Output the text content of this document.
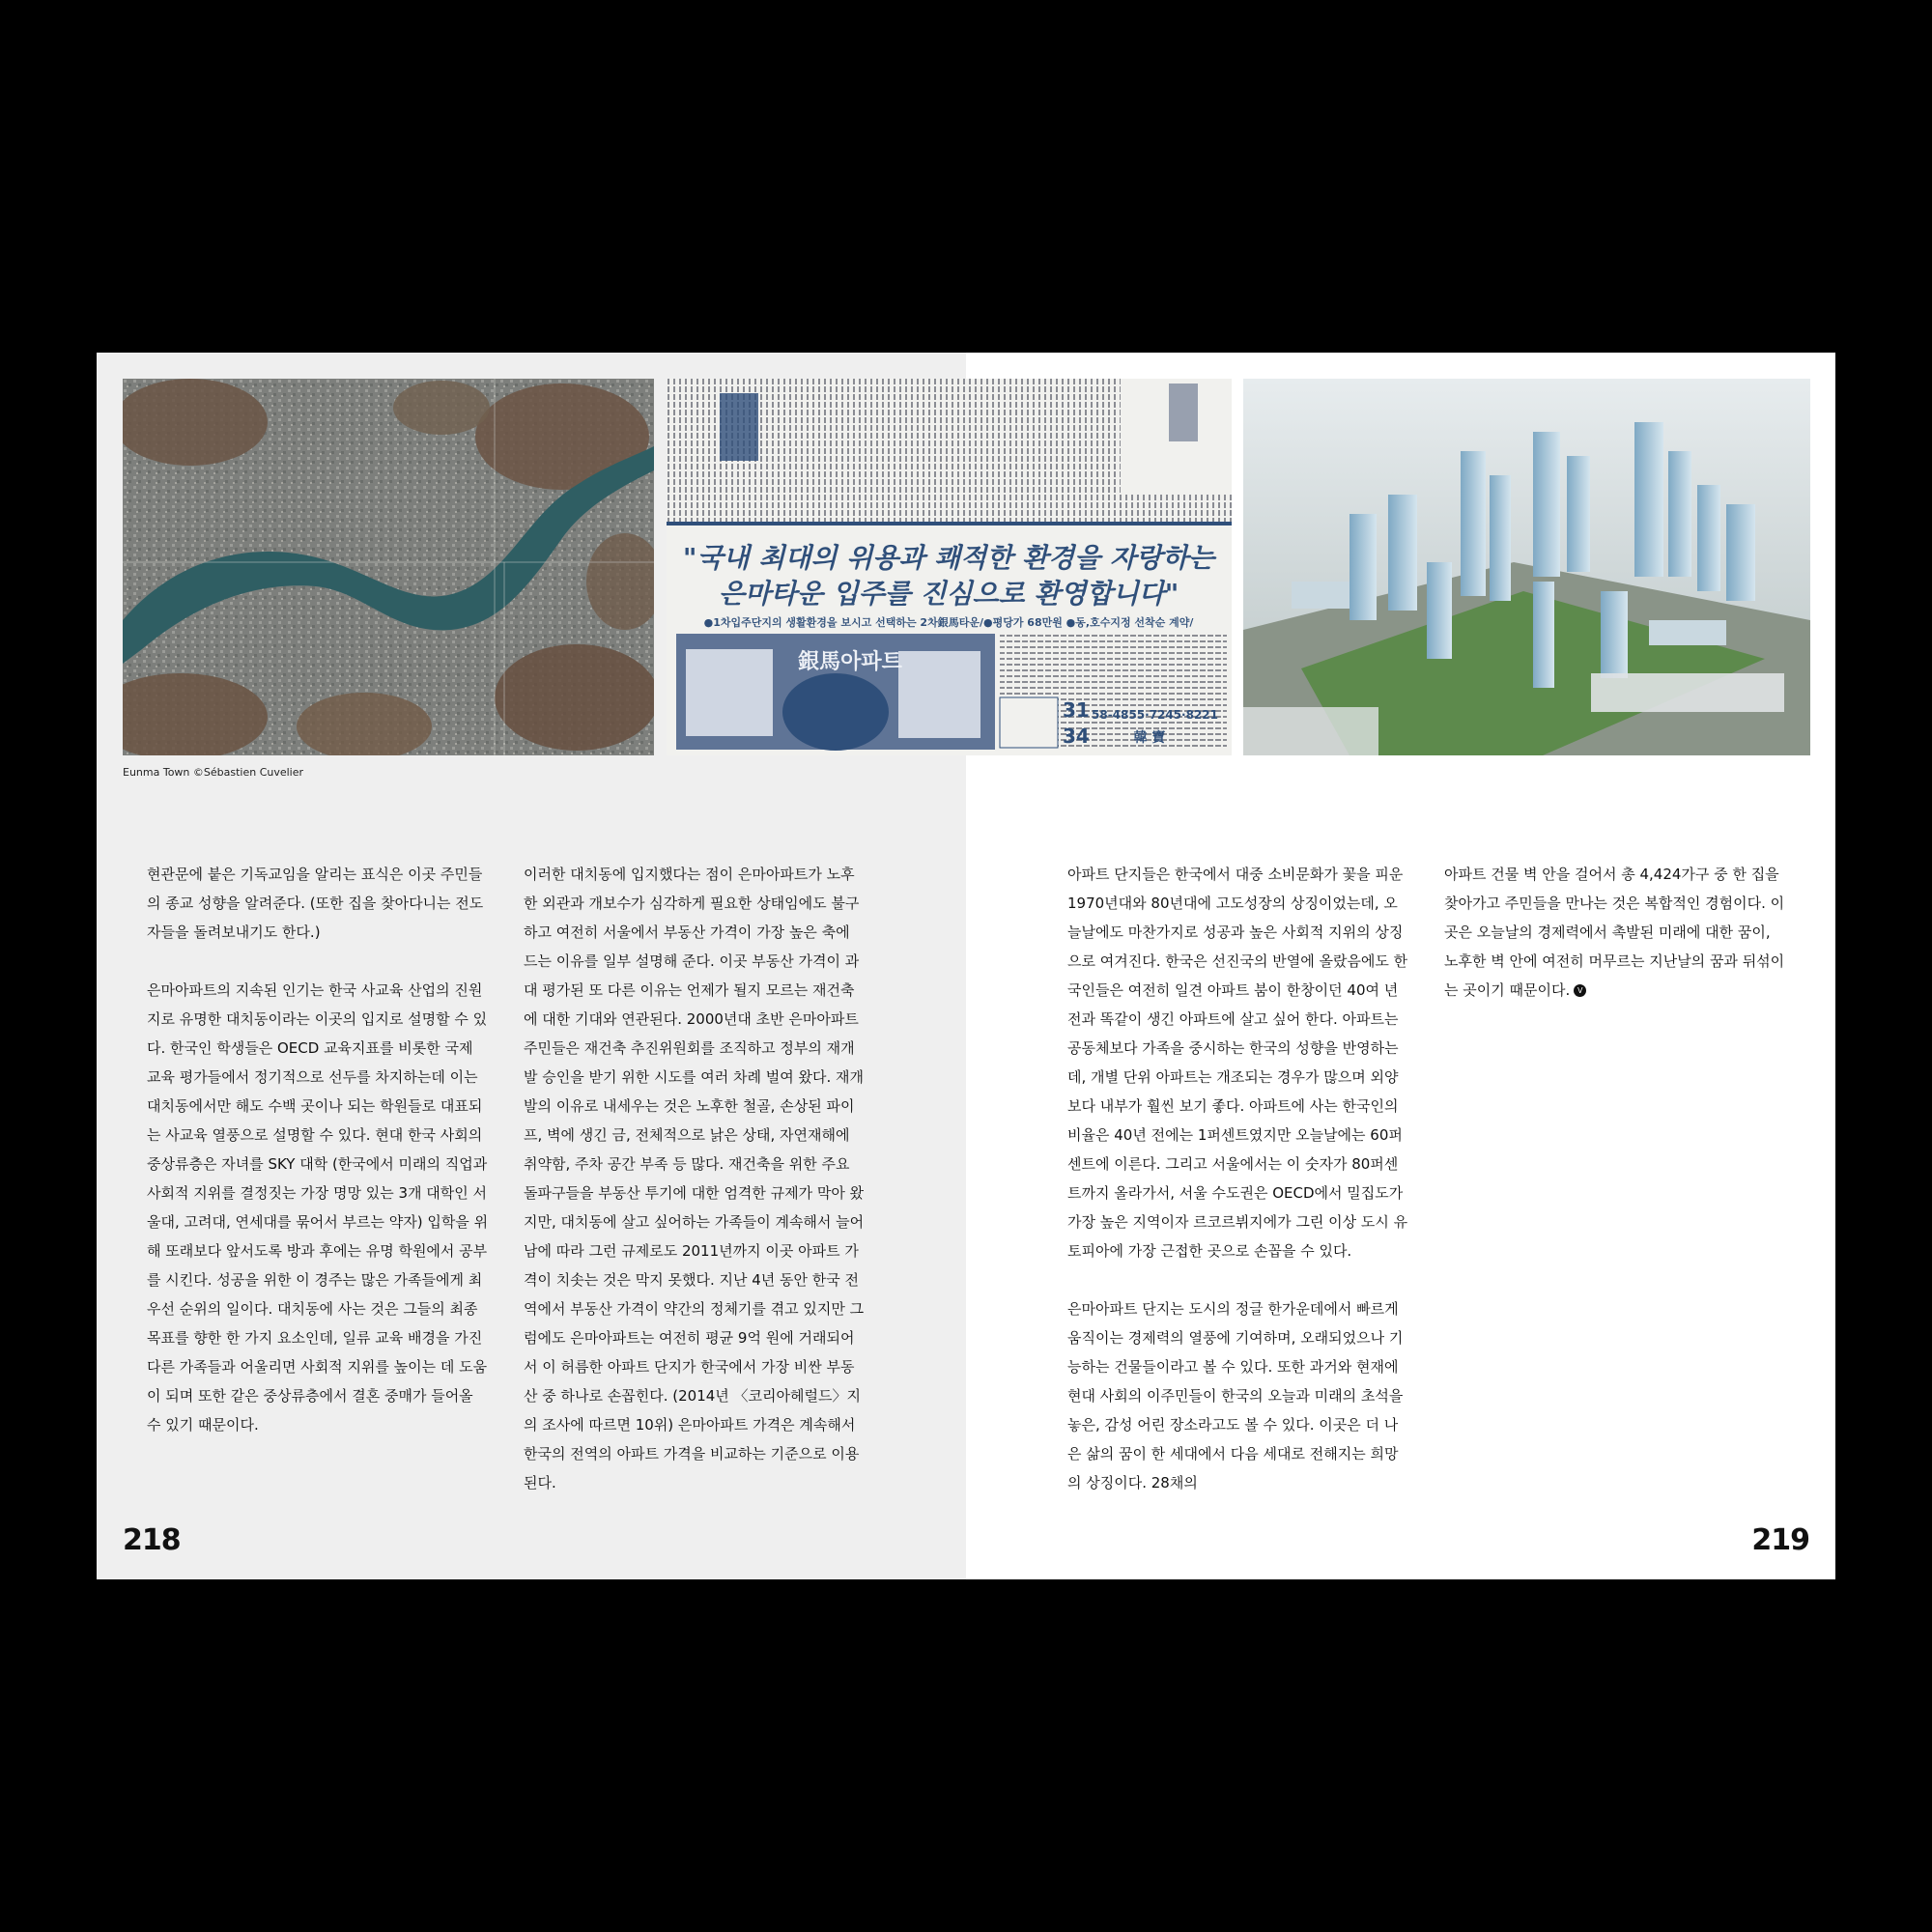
"국내 최대의 위용과 쾌적한 환경을 자랑하는
은마타운 입주를 진심으로 환영합니다"
●1차입주단지의 생활환경을 보시고 선택하는 2차銀馬타운/●평당가 68만원 ●동,호수지정 선착순 계약/
銀馬아파트
31
34
58-4855·7245·8221
韓 寶
Eunma Town ©Sébastien Cuvelier

현관문에 붙은 기독교임을 알리는 표식은 이곳 주민들의 종교 성향을 알려준다. (또한 집을 찾아다니는 전도자들을 돌려보내기도 한다.)

은마아파트의 지속된 인기는 한국 사교육 산업의 진원지로 유명한 대치동이라는 이곳의 입지로 설명할 수 있다. 한국인 학생들은 OECD 교육지표를 비롯한 국제 교육 평가들에서 정기적으로 선두를 차지하는데 이는 대치동에서만 해도 수백 곳이나 되는 학원들로 대표되는 사교육 열풍으로 설명할 수 있다. 현대 한국 사회의 중상류층은 자녀를 SKY 대학 (한국에서 미래의 직업과 사회적 지위를 결정짓는 가장 명망 있는 3개 대학인 서울대, 고려대, 연세대를 묶어서 부르는 약자) 입학을 위해 또래보다 앞서도록 방과 후에는 유명 학원에서 공부를 시킨다. 성공을 위한 이 경주는 많은 가족들에게 최우선 순위의 일이다. 대치동에 사는 것은 그들의 최종 목표를 향한 한 가지 요소인데, 일류 교육 배경을 가진 다른 가족들과 어울리면 사회적 지위를 높이는 데 도움이 되며 또한 같은 중상류층에서 결혼 중매가 들어올 수 있기 때문이다.

이러한 대치동에 입지했다는 점이 은마아파트가 노후한 외관과 개보수가 심각하게 필요한 상태임에도 불구하고 여전히 서울에서 부동산 가격이 가장 높은 축에 드는 이유를 일부 설명해 준다. 이곳 부동산 가격이 과대 평가된 또 다른 이유는 언제가 될지 모르는 재건축에 대한 기대와 연관된다. 2000년대 초반 은마아파트 주민들은 재건축 추진위원회를 조직하고 정부의 재개발 승인을 받기 위한 시도를 여러 차례 벌여 왔다. 재개발의 이유로 내세우는 것은 노후한 철골, 손상된 파이프, 벽에 생긴 금, 전체적으로 낡은 상태, 자연재해에 취약함, 주차 공간 부족 등 많다. 재건축을 위한 주요 돌파구들을 부동산 투기에 대한 엄격한 규제가 막아 왔지만, 대치동에 살고 싶어하는 가족들이 계속해서 늘어남에 따라 그런 규제로도 2011년까지 이곳 아파트 가격이 치솟는 것은 막지 못했다. 지난 4년 동안 한국 전역에서 부동산 가격이 약간의 정체기를 겪고 있지만 그럼에도 은마아파트는 여전히 평균 9억 원에 거래되어서 이 허름한 아파트 단지가 한국에서 가장 비싼 부동산 중 하나로 손꼽힌다. (2014년 〈코리아헤럴드〉지의 조사에 따르면 10위) 은마아파트 가격은 계속해서 한국의 전역의 아파트 가격을 비교하는 기준으로 이용된다.

아파트 단지들은 한국에서 대중 소비문화가 꽃을 피운 1970년대와 80년대에 고도성장의 상징이었는데, 오늘날에도 마찬가지로 성공과 높은 사회적 지위의 상징으로 여겨진다. 한국은 선진국의 반열에 올랐음에도 한국인들은 여전히 일견 아파트 붐이 한창이던 40여 년 전과 똑같이 생긴 아파트에 살고 싶어 한다. 아파트는 공동체보다 가족을 중시하는 한국의 성향을 반영하는데, 개별 단위 아파트는 개조되는 경우가 많으며 외양보다 내부가 훨씬 보기 좋다. 아파트에 사는 한국인의 비율은 40년 전에는 1퍼센트였지만 오늘날에는 60퍼센트에 이른다. 그리고 서울에서는 이 숫자가 80퍼센트까지 올라가서, 서울 수도권은 OECD에서 밀집도가 가장 높은 지역이자 르코르뷔지에가 그린 이상 도시 유토피아에 가장 근접한 곳으로 손꼽을 수 있다.

은마아파트 단지는 도시의 정글 한가운데에서 빠르게 움직이는 경제력의 열풍에 기여하며, 오래되었으나 기능하는 건물들이라고 볼 수 있다. 또한 과거와 현재에 현대 사회의 이주민들이 한국의 오늘과 미래의 초석을 놓은, 감성 어린 장소라고도 볼 수 있다. 이곳은 더 나은 삶의 꿈이 한 세대에서 다음 세대로 전해지는 희망의 상징이다. 28채의

아파트 건물 벽 안을 걸어서 총 4,424가구 중 한 집을 찾아가고 주민들을 만나는 것은 복합적인 경험이다. 이곳은 오늘날의 경제력에서 촉발된 미래에 대한 꿈이, 노후한 벽 안에 여전히 머무르는 지난날의 꿈과 뒤섞이는 곳이기 때문이다. V

218	219
